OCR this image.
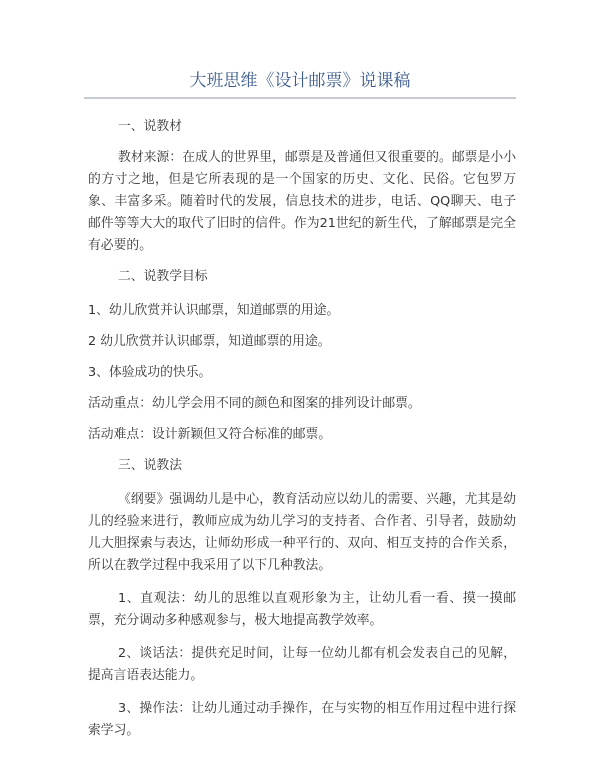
大班思维《设计邮票》说课稿

一、说教材

教材来源：在成人的世界里，邮票是及普通但又很重要的。邮票是小小的方寸之地，但是它所表现的是一个国家的历史、文化、民俗。它包罗万象、丰富多采。随着时代的发展，信息技术的进步，电话、QQ聊天、电子邮件等等大大的取代了旧时的信件。作为21世纪的新生代，了解邮票是完全有必要的。

二、说教学目标

1、幼儿欣赏并认识邮票，知道邮票的用途。

2 幼儿欣赏并认识邮票，知道邮票的用途。

3、体验成功的快乐。

活动重点：幼儿学会用不同的颜色和图案的排列设计邮票。

活动难点：设计新颖但又符合标准的邮票。

三、说教法

《纲要》强调幼儿是中心，教育活动应以幼儿的需要、兴趣，尤其是幼儿的经验来进行，教师应成为幼儿学习的支持者、合作者、引导者，鼓励幼儿大胆探索与表达，让师幼形成一种平行的、双向、相互支持的合作关系，所以在教学过程中我采用了以下几种教法。

1、直观法：幼儿的思维以直观形象为主，让幼儿看一看、摸一摸邮票，充分调动多种感观参与，极大地提高教学效率。

2、谈话法：提供充足时间，让每一位幼儿都有机会发表自己的见解，提高言语表达能力。

3、操作法：让幼儿通过动手操作，在与实物的相互作用过程中进行探索学习。
